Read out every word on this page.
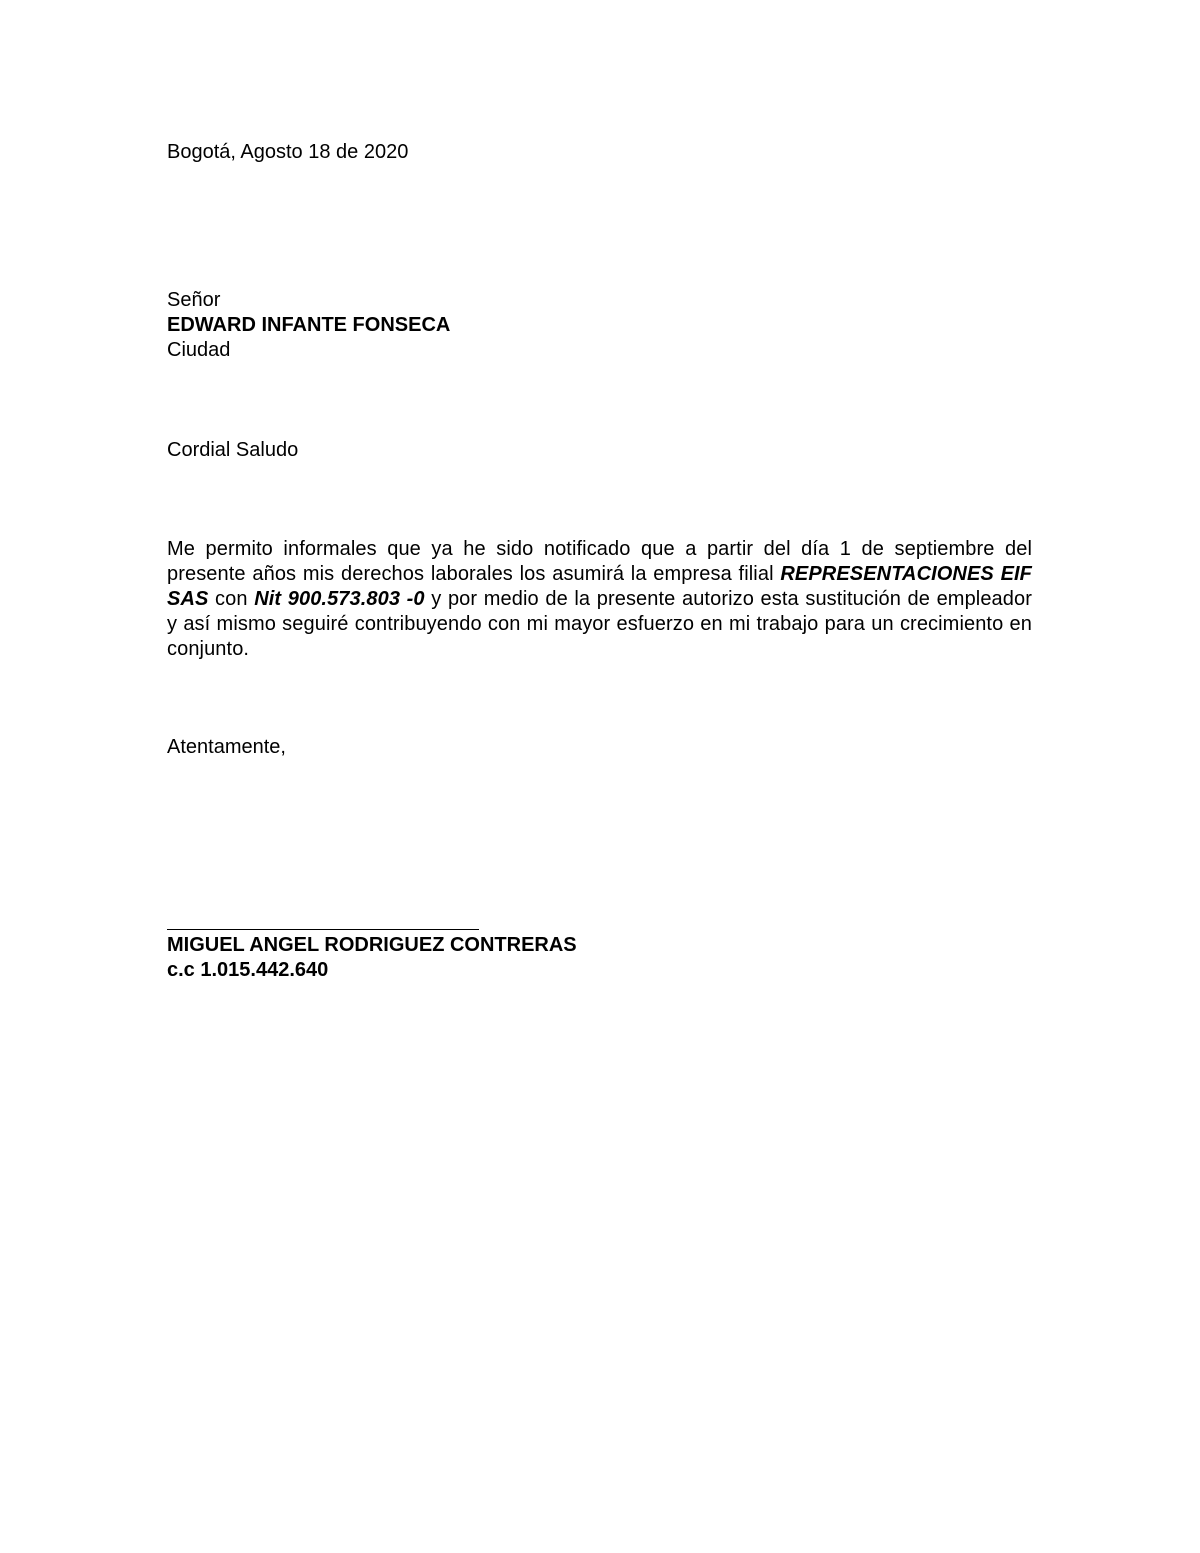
Bogotá, Agosto 18 de 2020

Señor

EDWARD INFANTE FONSECA

Ciudad

Cordial Saludo

Me permito informales que ya he sido notificado que a partir del día 1 de septiembre del presente años mis derechos laborales los asumirá la empresa filial REPRESENTACIONES EIF SAS con Nit 900.573.803 -0 y por medio de la presente autorizo esta sustitución de empleador y así mismo seguiré contribuyendo con mi mayor esfuerzo en mi trabajo para un crecimiento en conjunto.

Atentamente,

MIGUEL ANGEL RODRIGUEZ CONTRERAS

c.c 1.015.442.640
